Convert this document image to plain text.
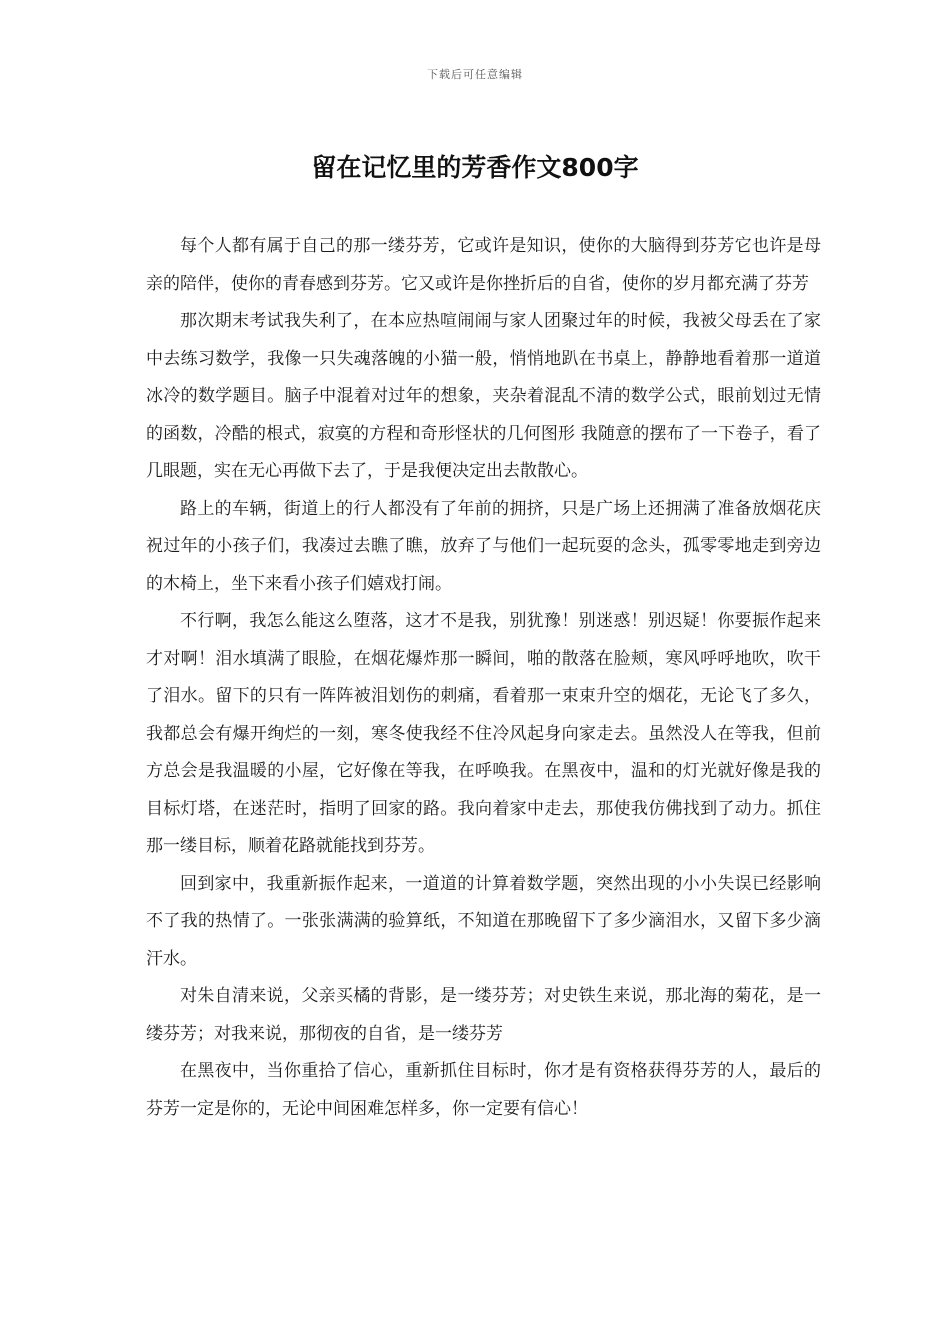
下载后可任意编辑
留在记忆里的芳香作文800字

每个人都有属于自己的那一缕芬芳，它或许是知识，使你的大脑得到芬芳它也许是母亲的陪伴，使你的青春感到芬芳。它又或许是你挫折后的自省，使你的岁月都充满了芬芳

那次期末考试我失利了，在本应热喧闹闹与家人团聚过年的时候，我被父母丢在了家中去练习数学，我像一只失魂落魄的小猫一般，悄悄地趴在书桌上，静静地看着那一道道冰冷的数学题目。脑子中混着对过年的想象，夹杂着混乱不清的数学公式，眼前划过无情的函数，冷酷的根式，寂寞的方程和奇形怪状的几何图形 我随意的摆布了一下卷子，看了几眼题，实在无心再做下去了，于是我便决定出去散散心。

路上的车辆，街道上的行人都没有了年前的拥挤，只是广场上还拥满了准备放烟花庆祝过年的小孩子们，我凑过去瞧了瞧，放弃了与他们一起玩耍的念头，孤零零地走到旁边的木椅上，坐下来看小孩子们嬉戏打闹。

不行啊，我怎么能这么堕落，这才不是我，别犹豫！别迷惑！别迟疑！你要振作起来才对啊！泪水填满了眼脸，在烟花爆炸那一瞬间，啪的散落在脸颊，寒风呼呼地吹，吹干了泪水。留下的只有一阵阵被泪划伤的刺痛，看着那一束束升空的烟花，无论飞了多久，我都总会有爆开绚烂的一刻，寒冬使我经不住冷风起身向家走去。虽然没人在等我，但前方总会是我温暖的小屋，它好像在等我，在呼唤我。在黑夜中，温和的灯光就好像是我的目标灯塔，在迷茫时，指明了回家的路。我向着家中走去，那使我仿佛找到了动力。抓住那一缕目标，顺着花路就能找到芬芳。

回到家中，我重新振作起来，一道道的计算着数学题，突然出现的小小失误已经影响不了我的热情了。一张张满满的验算纸，不知道在那晚留下了多少滴泪水，又留下多少滴汗水。

对朱自清来说，父亲买橘的背影，是一缕芬芳；对史铁生来说，那北海的菊花，是一缕芬芳；对我来说，那彻夜的自省，是一缕芬芳

在黑夜中，当你重拾了信心，重新抓住目标时，你才是有资格获得芬芳的人，最后的芬芳一定是你的，无论中间困难怎样多，你一定要有信心！
